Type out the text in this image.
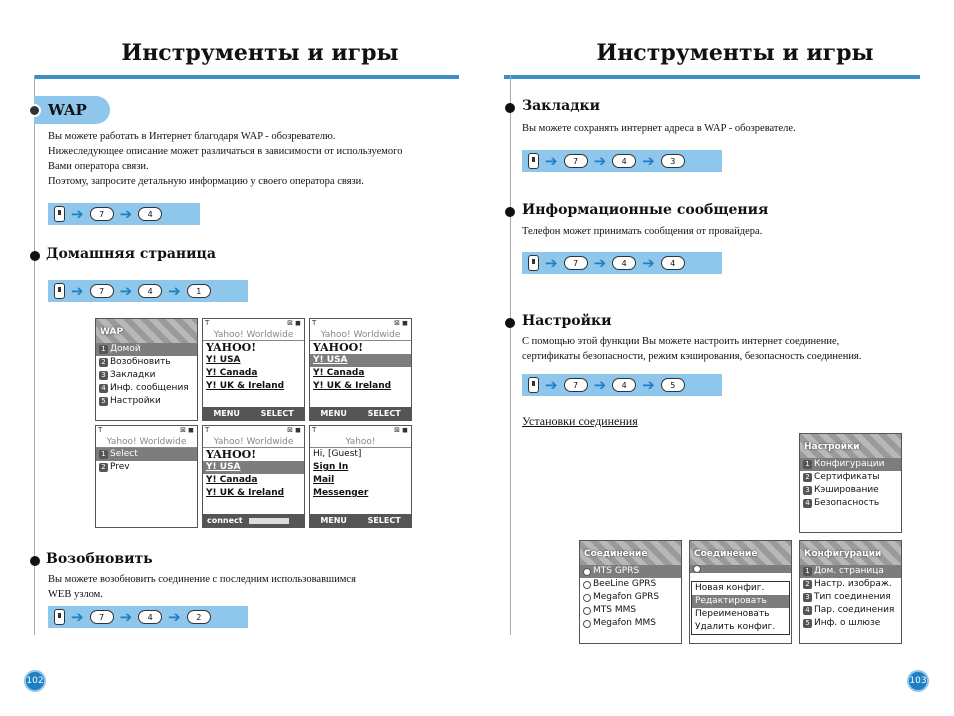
Инструменты и игры
WAP
Вы можете работать в Интернет благодаря WAP - обозревателю.
Нижеследующее описание может различаться в зависимости от используемого
Вами оператора связи.
Поэтому, запросите детальную информацию у своего оператора связи.
➔	7	➔	4
Домашняя страница
➔	7	➔	4	➔	1
WAP
1 Домой
2 Возобновить
3 Закладки
4 Инф. сообщения
5 Настройки
T	⊠ ◼
Yahoo! Worldwide
YAHOO!
Y! USA
Y! Canada
Y! UK & Ireland
MENU	SELECT
T	⊠ ◼
Yahoo! Worldwide
YAHOO!
Y! USA
Y! Canada
Y! UK & Ireland
MENU	SELECT
T	⊠ ◼
Yahoo! Worldwide
1 Select
2 Prev
T	⊠ ◼
Yahoo! Worldwide
YAHOO!
Y! USA
Y! Canada
Y! UK & Ireland
connect
T	⊠ ◼
Yahoo!
Hi, [Guest]
Sign In
Mail
Messenger
MENU	SELECT
Возобновить
Вы можете возобновить соединение с последним использовавшимся
WEB узлом.
➔	7	➔	4	➔	2
102
Инструменты и игры
Закладки
Вы можете сохранять интернет адреса в WAP - обозревателе.
➔	7	➔	4	➔	3
Информационные сообщения
Телефон может принимать сообщения от провайдера.
➔	7	➔	4	➔	4
Настройки
С помощью этой функции Вы можете настроить интернет соединение,
сертификаты безопасности, режим кэширования, безопасность соединения.
➔	7	➔	4	➔	5
Установки соединения
Настройки
1 Конфигурации
2 Сертификаты
3 Кэширование
4 Безопасность
Соединение
MTS GPRS
BeeLine GPRS
Megafon GPRS
MTS MMS
Megafon MMS
Соединение
Новая конфиг.
Редактировать
Переименовать
Удалить конфиг.
Конфигурации
1 Дом. страница
2 Настр. изображ.
3 Тип соединения
4 Пар. соединения
5 Инф. о шлюзе
103
